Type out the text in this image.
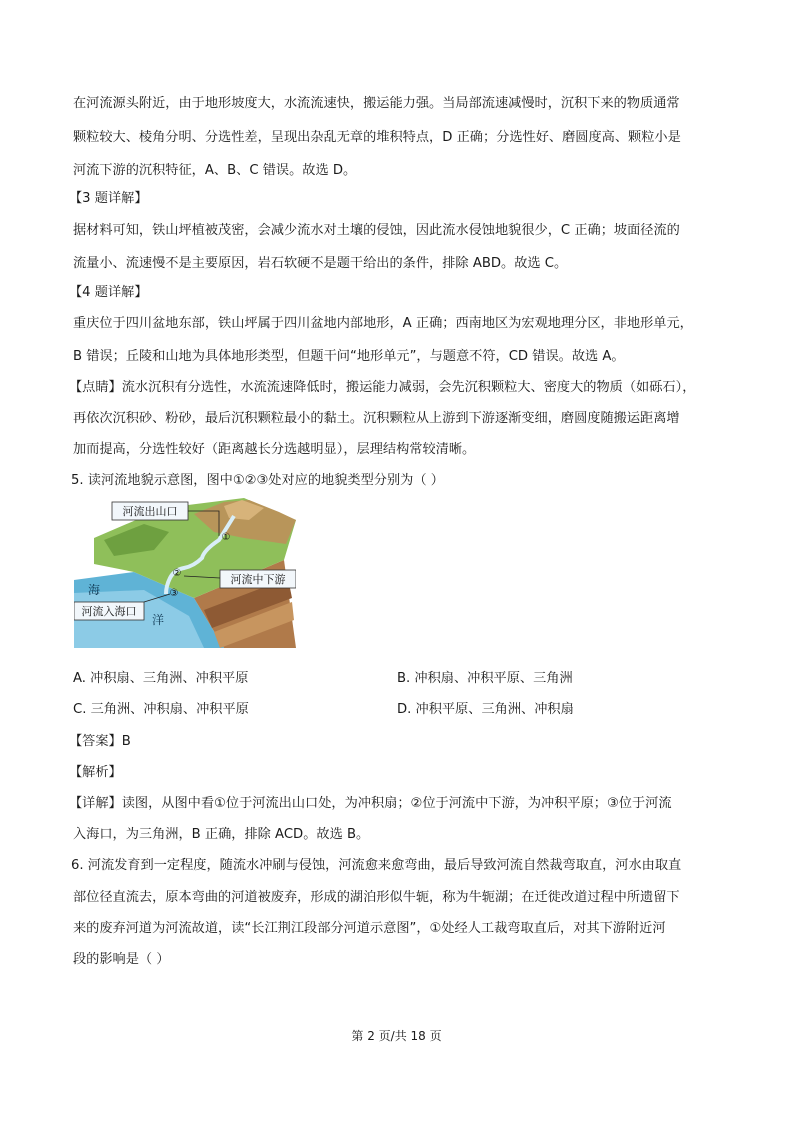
在河流源头附近，由于地形坡度大，水流流速快，搬运能力强。当局部流速减慢时，沉积下来的物质通常
颗粒较大、棱角分明、分选性差，呈现出杂乱无章的堆积特点，D 正确；分选性好、磨圆度高、颗粒小是
河流下游的沉积特征，A、B、C 错误。故选 D。
【3 题详解】
据材料可知，铁山坪植被茂密，会减少流水对土壤的侵蚀，因此流水侵蚀地貌很少，C 正确；坡面径流的
流量小、流速慢不是主要原因，岩石软硬不是题干给出的条件，排除 ABD。故选 C。
【4 题详解】
重庆位于四川盆地东部，铁山坪属于四川盆地内部地形，A 正确；西南地区为宏观地理分区，非地形单元，
B 错误；丘陵和山地为具体地形类型，但题干问“地形单元”，与题意不符，CD 错误。故选 A。
【点睛】流水沉积有分选性，水流流速降低时，搬运能力减弱，会先沉积颗粒大、密度大的物质（如砾石），
再依次沉积砂、粉砂，最后沉积颗粒最小的黏土。沉积颗粒从上游到下游逐渐变细，磨圆度随搬运距离增
加而提高，分选性较好（距离越长分选越明显），层理结构常较清晰。
5. 读河流地貌示意图，图中①②③处对应的地貌类型分别为（ ）
河流出山口
河流中下游
河流入海口
①
②
③
海
洋
A. 冲积扇、三角洲、冲积平原	B. 冲积扇、冲积平原、三角洲
C. 三角洲、冲积扇、冲积平原	D. 冲积平原、三角洲、冲积扇
【答案】B
【解析】
【详解】读图，从图中看①位于河流出山口处，为冲积扇；②位于河流中下游，为冲积平原；③位于河流
入海口，为三角洲，B 正确，排除 ACD。故选 B。
6. 河流发育到一定程度，随流水冲刷与侵蚀，河流愈来愈弯曲，最后导致河流自然裁弯取直，河水由取直
部位径直流去，原本弯曲的河道被废弃，形成的湖泊形似牛轭，称为牛轭湖；在迁徙改道过程中所遗留下
来的废弃河道为河流故道，读“长江荆江段部分河道示意图”，①处经人工裁弯取直后，对其下游附近河
段的影响是（ ）
第 2 页/共 18 页
